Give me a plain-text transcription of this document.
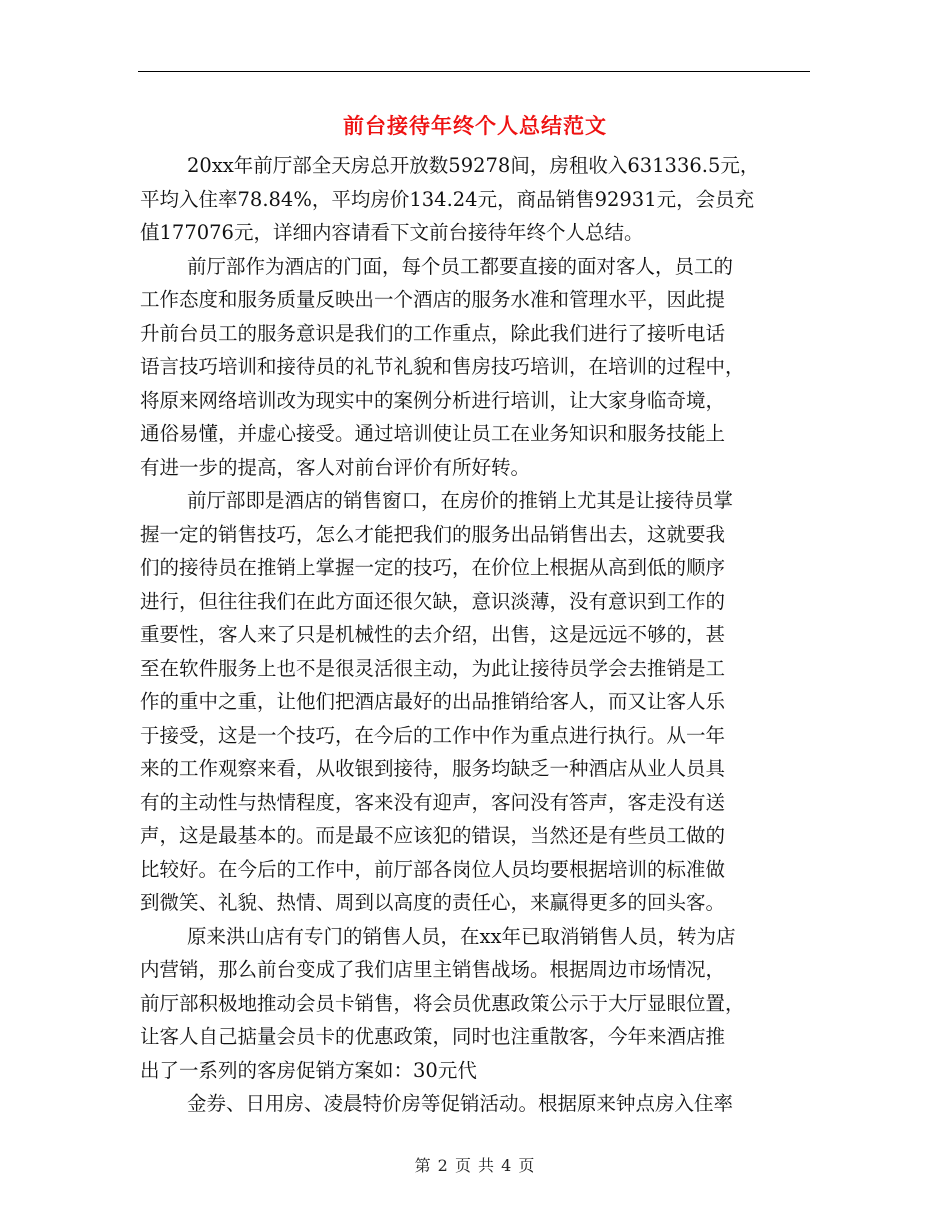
前台接待年终个人总结范文
20xx年前厅部全天房总开放数59278间，房租收入631336.5元，
平均入住率78.84%，平均房价134.24元，商品销售92931元，会员充
值177076元，详细内容请看下文前台接待年终个人总结。
前厅部作为酒店的门面，每个员工都要直接的面对客人，员工的
工作态度和服务质量反映出一个酒店的服务水准和管理水平，因此提
升前台员工的服务意识是我们的工作重点，除此我们进行了接听电话
语言技巧培训和接待员的礼节礼貌和售房技巧培训，在培训的过程中，
将原来网络培训改为现实中的案例分析进行培训，让大家身临奇境，
通俗易懂，并虚心接受。通过培训使让员工在业务知识和服务技能上
有进一步的提高，客人对前台评价有所好转。
前厅部即是酒店的销售窗口，在房价的推销上尤其是让接待员掌
握一定的销售技巧，怎么才能把我们的服务出品销售出去，这就要我
们的接待员在推销上掌握一定的技巧，在价位上根据从高到低的顺序
进行，但往往我们在此方面还很欠缺，意识淡薄，没有意识到工作的
重要性，客人来了只是机械性的去介绍，出售，这是远远不够的，甚
至在软件服务上也不是很灵活很主动，为此让接待员学会去推销是工
作的重中之重，让他们把酒店最好的出品推销给客人，而又让客人乐
于接受，这是一个技巧，在今后的工作中作为重点进行执行。从一年
来的工作观察来看，从收银到接待，服务均缺乏一种酒店从业人员具
有的主动性与热情程度，客来没有迎声，客问没有答声，客走没有送
声，这是最基本的。而是最不应该犯的错误，当然还是有些员工做的
比较好。在今后的工作中，前厅部各岗位人员均要根据培训的标准做
到微笑、礼貌、热情、周到以高度的责任心，来赢得更多的回头客。
原来洪山店有专门的销售人员，在xx年已取消销售人员，转为店
内营销，那么前台变成了我们店里主销售战场。根据周边市场情况，
前厅部积极地推动会员卡销售，将会员优惠政策公示于大厅显眼位置，
让客人自己掂量会员卡的优惠政策，同时也注重散客，今年来酒店推
出了一系列的客房促销方案如：30元代
金券、日用房、凌晨特价房等促销活动。根据原来钟点房入住率
第 2 页 共 4 页
